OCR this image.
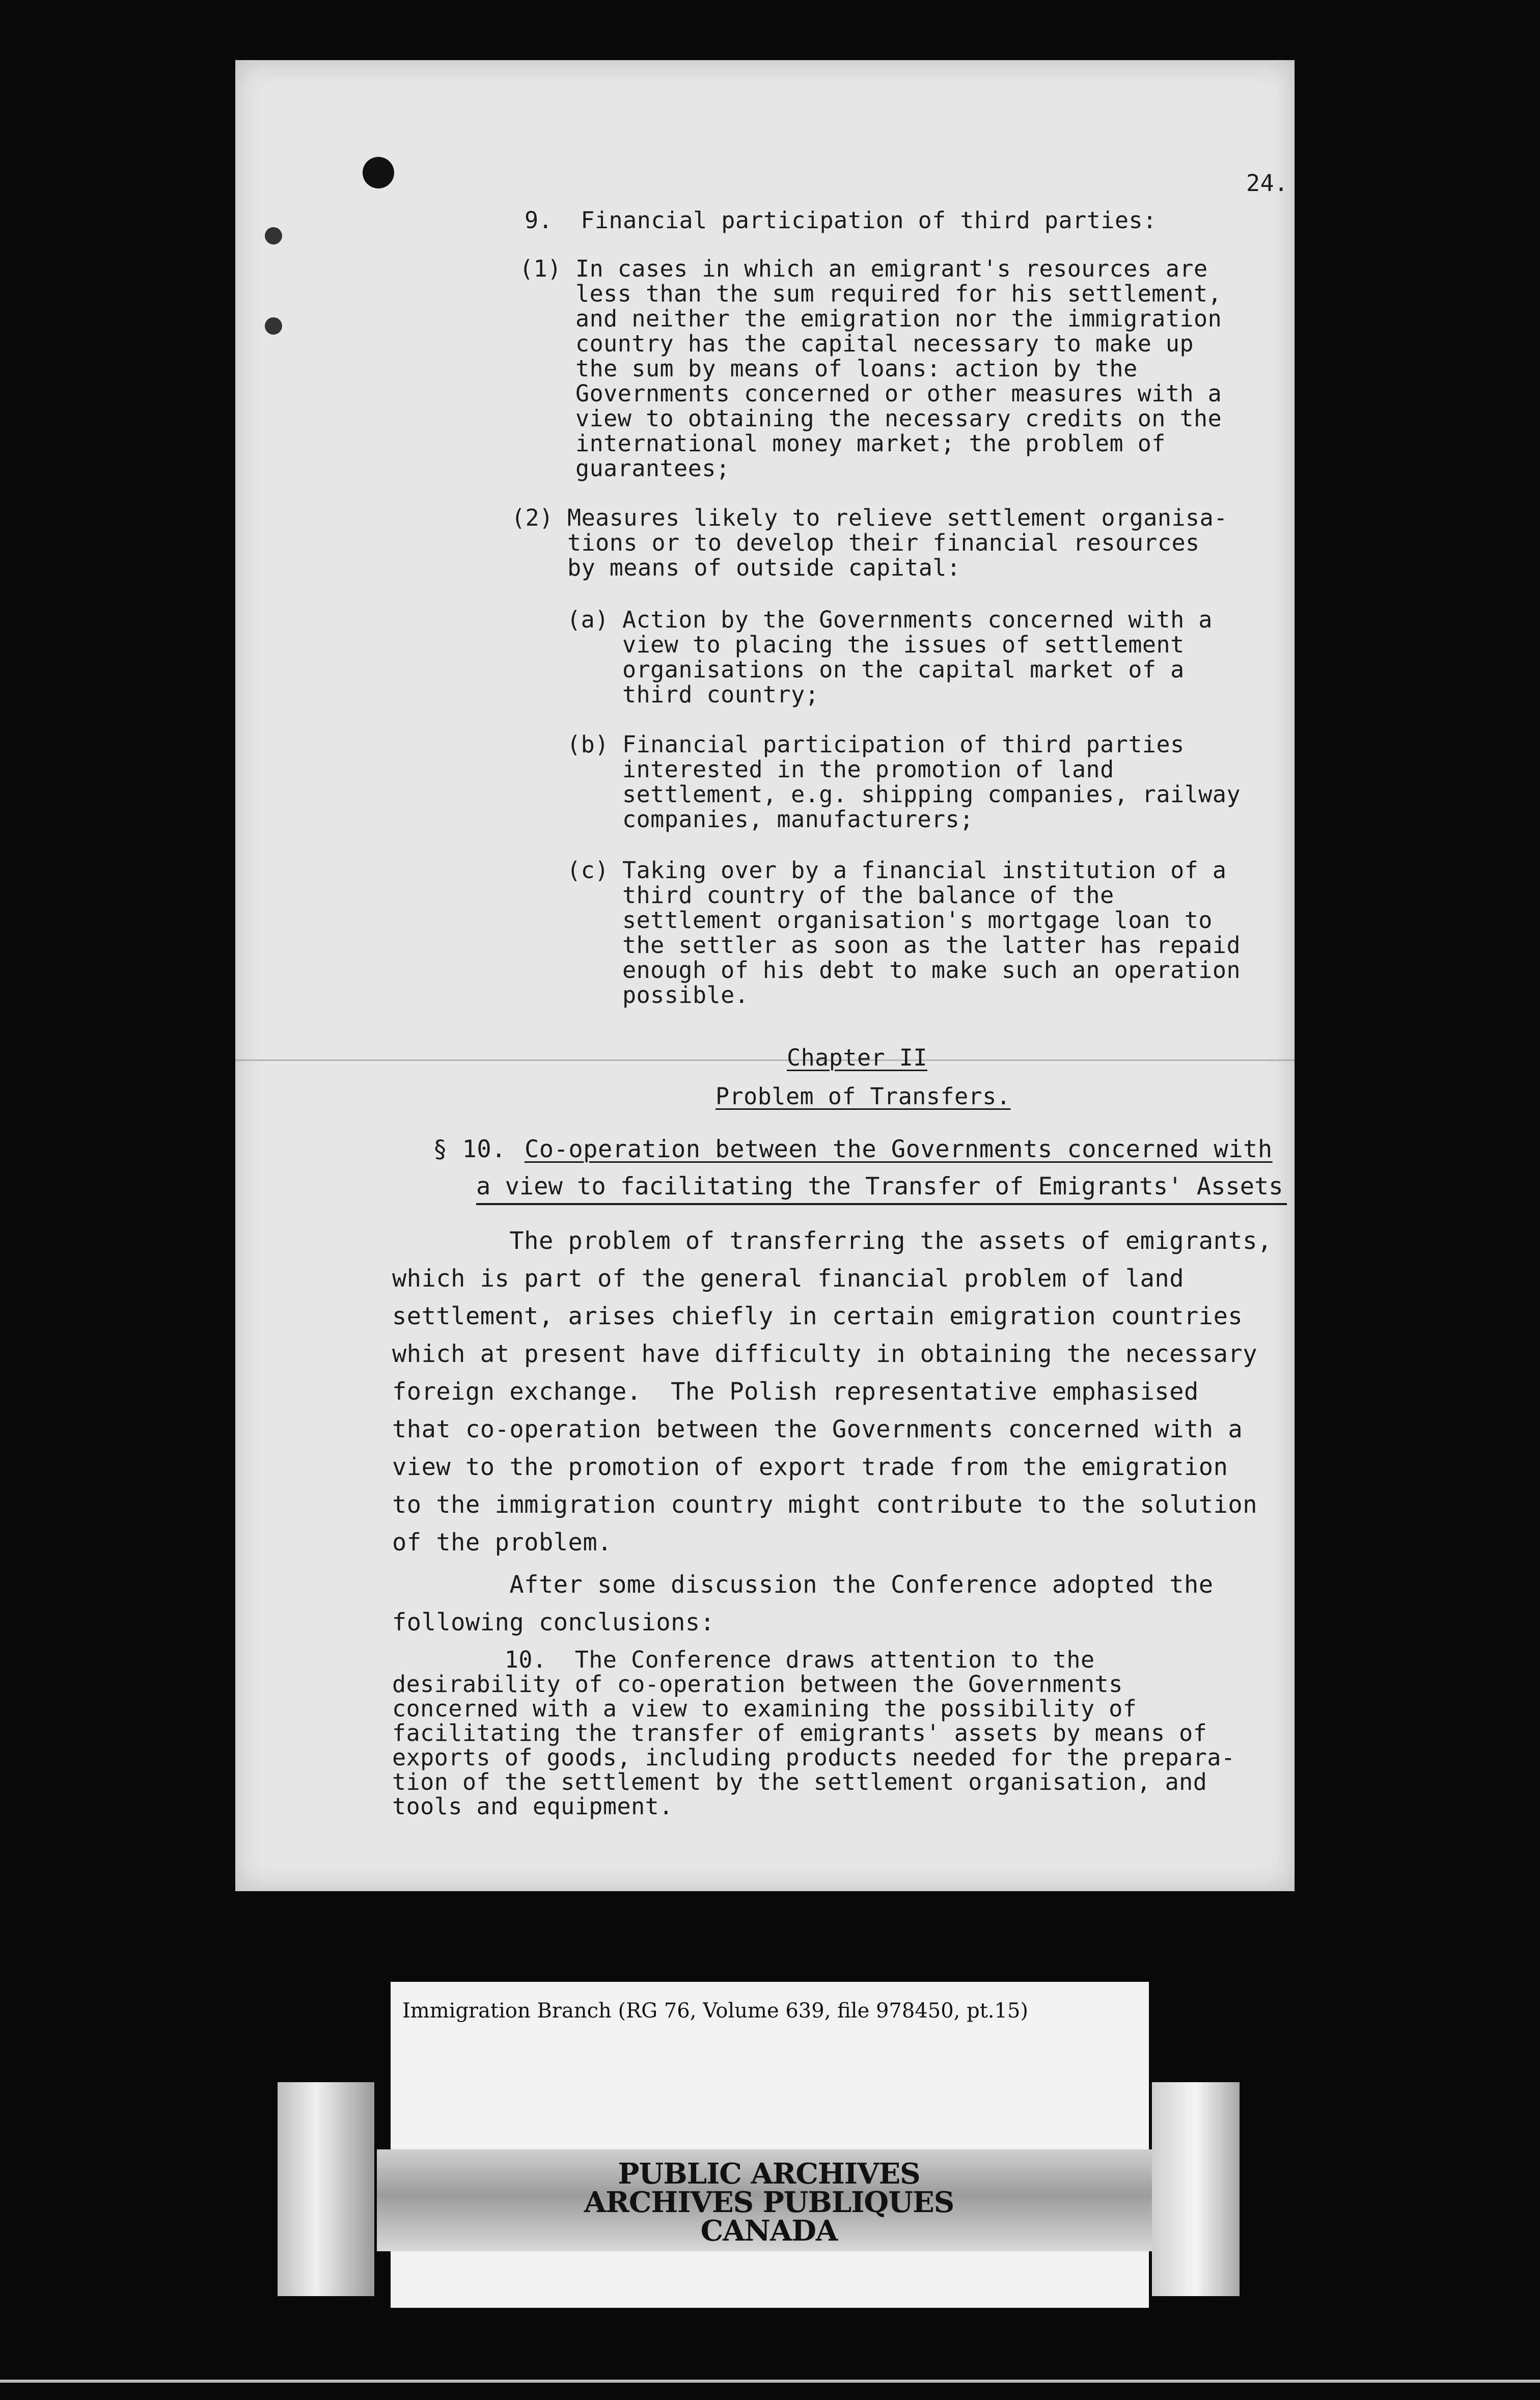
24.
9.  Financial participation of third parties:
(1) In cases in which an emigrant's resources are
less than the sum required for his settlement,
and neither the emigration nor the immigration
country has the capital necessary to make up
the sum by means of loans: action by the
Governments concerned or other measures with a
view to obtaining the necessary credits on the
international money market; the problem of
guarantees;
(2) Measures likely to relieve settlement organisa-
tions or to develop their financial resources
by means of outside capital:
(a) Action by the Governments concerned with a
view to placing the issues of settlement
organisations on the capital market of a
third country;
(b) Financial participation of third parties
interested in the promotion of land
settlement, e.g. shipping companies, railway
companies, manufacturers;
(c) Taking over by a financial institution of a
third country of the balance of the
settlement organisation's mortgage loan to
the settler as soon as the latter has repaid
enough of his debt to make such an operation
possible.
Chapter II
Problem of Transfers.
§ 10. Co-operation between the Governments concerned with
a view to facilitating the Transfer of Emigrants' Assets
The problem of transferring the assets of emigrants,
which is part of the general financial problem of land
settlement, arises chiefly in certain emigration countries
which at present have difficulty in obtaining the necessary
foreign exchange.  The Polish representative emphasised
that co-operation between the Governments concerned with a
view to the promotion of export trade from the emigration
to the immigration country might contribute to the solution
of the problem.
After some discussion the Conference adopted the
following conclusions:
10.  The Conference draws attention to the
desirability of co-operation between the Governments
concerned with a view to examining the possibility of
facilitating the transfer of emigrants' assets by means of
exports of goods, including products needed for the prepara-
tion of the settlement by the settlement organisation, and
tools and equipment.
Immigration Branch (RG 76, Volume 639, file 978450, pt.15)
PUBLIC ARCHIVES
ARCHIVES PUBLIQUES
CANADA
